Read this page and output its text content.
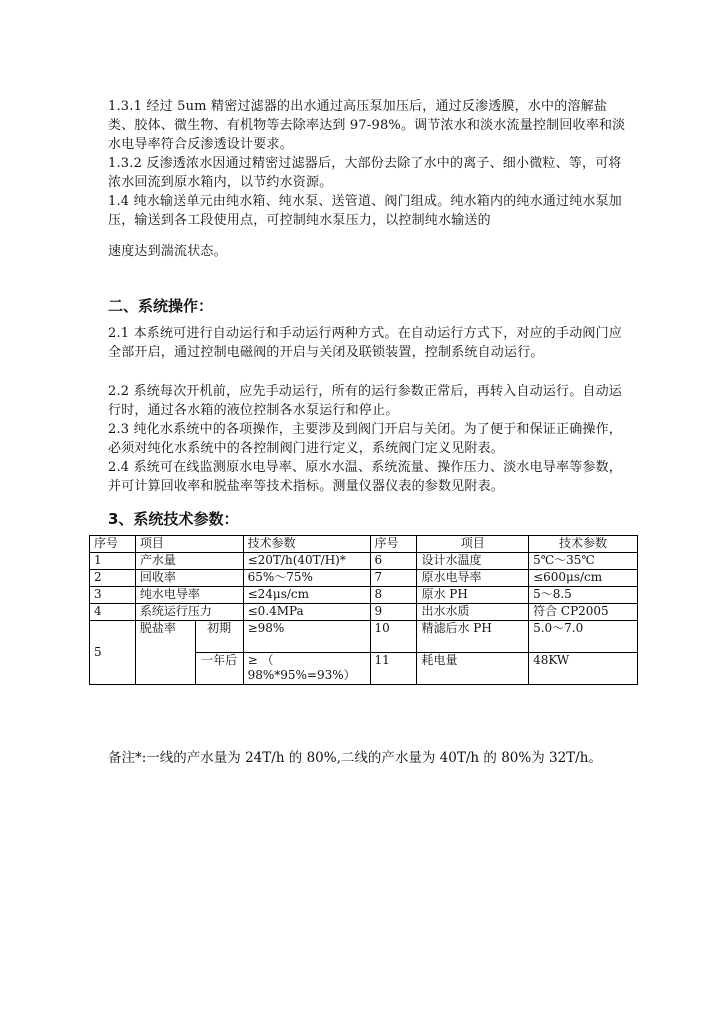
1.3.1 经过 5um 精密过滤器的出水通过高压泵加压后，通过反渗透膜，水中的溶解盐类、胶体、微生物、有机物等去除率达到 97-98%。调节浓水和淡水流量控制回收率和淡水电导率符合反渗透设计要求。

1.3.2 反渗透浓水因通过精密过滤器后，大部份去除了水中的离子、细小微粒、等，可将浓水回流到原水箱内，以节约水资源。

1.4 纯水输送单元由纯水箱、纯水泵、送管道、阀门组成。纯水箱内的纯水通过纯水泵加压，输送到各工段使用点，可控制纯水泵压力，以控制纯水输送的

速度达到湍流状态。

二、系统操作：

2.1 本系统可进行自动运行和手动运行两种方式。在自动运行方式下，对应的手动阀门应全部开启，通过控制电磁阀的开启与关闭及联锁装置，控制系统自动运行。

2.2 系统每次开机前，应先手动运行，所有的运行参数正常后，再转入自动运行。自动运行时，通过各水箱的液位控制各水泵运行和停止。

2.3 纯化水系统中的各项操作，主要涉及到阀门开启与关闭。为了便于和保证正确操作，必须对纯化水系统中的各控制阀门进行定义，系统阀门定义见附表。

2.4 系统可在线监测原水电导率、原水水温、系统流量、操作压力、淡水电导率等参数，并可计算回收率和脱盐率等技术指标。测量仪器仪表的参数见附表。

3、系统技术参数：
序号	项目		技术参数	序号	项目	技术参数
1	产水量		≤20T/h(40T/H)*	6	设计水温度	5℃～35℃
2	回收率		65%～75%	7	原水电导率	≤600μs/cm
3	纯水电导率		≤24μs/cm	8	原水 PH	5～8.5
4	系统运行压力		≤0.4MPa	9	出水水质	符合 CP2005
5	脱盐率	初期	≥98%	10	精滤后水 PH	5.0～7.0
		一年后	≥ （ 98%*95%=93%）	11	耗电量	48KW

备注*:一线的产水量为 24T/h 的 80%,二线的产水量为 40T/h 的 80%为 32T/h。
